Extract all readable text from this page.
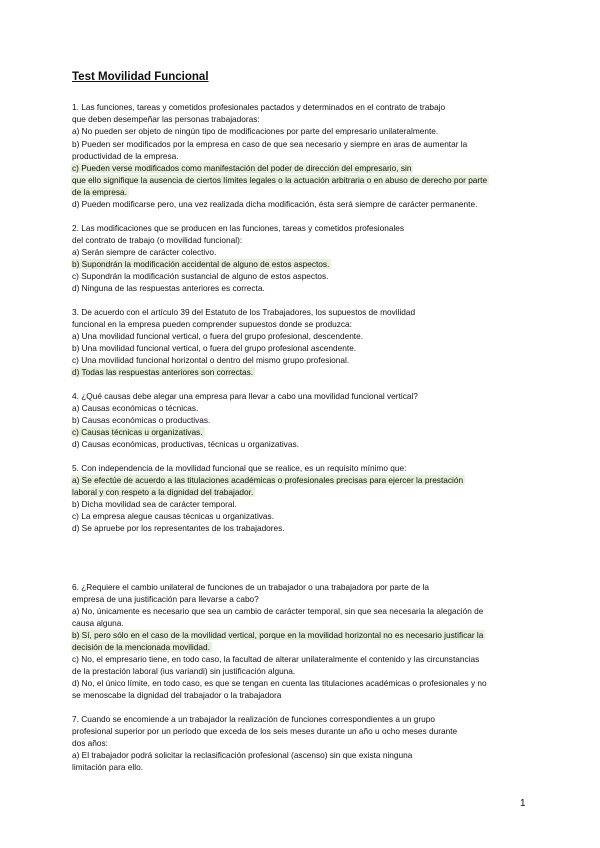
Test Movilidad Funcional
1. Las funciones, tareas y cometidos profesionales pactados y determinados en el contrato de trabajo
que deben desempeñar las personas trabajadoras:
a) No pueden ser objeto de ningún tipo de modificaciones por parte del empresario unilateralmente.
b) Pueden ser modificados por la empresa en caso de que sea necesario y siempre en aras de aumentar la
productividad de la empresa.
c) Pueden verse modificados como manifestación del poder de dirección del empresario, sin
que ello signifique la ausencia de ciertos límites legales o la actuación arbitraria o en abuso de derecho por parte
de la empresa.
d) Pueden modificarse pero, una vez realizada dicha modificación, ésta será siempre de carácter permanente.
2. Las modificaciones que se producen en las funciones, tareas y cometidos profesionales
del contrato de trabajo (o movilidad funcional):
a) Serán siempre de carácter colectivo.
b) Supondrán la modificación accidental de alguno de estos aspectos.
c) Supondrán la modificación sustancial de alguno de estos aspectos.
d) Ninguna de las respuestas anteriores es correcta.
3. De acuerdo con el artículo 39 del Estatuto de los Trabajadores, los supuestos de movilidad
funcional en la empresa pueden comprender supuestos donde se produzca:
a) Una movilidad funcional vertical, o fuera del grupo profesional, descendente.
b) Una movilidad funcional vertical, o fuera del grupo profesional ascendente.
c) Una movilidad funcional horizontal o dentro del mismo grupo profesional.
d) Todas las respuestas anteriores son correctas.
4. ¿Qué causas debe alegar una empresa para llevar a cabo una movilidad funcional vertical?
a) Causas económicas o técnicas.
b) Causas económicas o productivas.
c) Causas técnicas u organizativas.
d) Causas económicas, productivas, técnicas u organizativas.
5. Con independencia de la movilidad funcional que se realice, es un requisito mínimo que:
a) Se efectúe de acuerdo a las titulaciones académicas o profesionales precisas para ejercer la prestación
laboral y con respeto a la dignidad del trabajador.
b) Dicha movilidad sea de carácter temporal.
c) La empresa alegue causas técnicas u organizativas.
d) Se apruebe por los representantes de los trabajadores.
6. ¿Requiere el cambio unilateral de funciones de un trabajador o una trabajadora por parte de la
empresa de una justificación para llevarse a cabo?
a) No, únicamente es necesario que sea un cambio de carácter temporal, sin que sea necesaria la alegación de
causa alguna.
b) Sí, pero sólo en el caso de la movilidad vertical, porque en la movilidad horizontal no es necesario justificar la
decisión de la mencionada movilidad.
c) No, el empresario tiene, en todo caso, la facultad de alterar unilateralmente el contenido y las circunstancias
de la prestación laboral (ius variandi) sin justificación alguna.
d) No, el único límite, en todo caso, es que se tengan en cuenta las titulaciones académicas o profesionales y no
se menoscabe la dignidad del trabajador o la trabajadora
7. Cuando se encomiende a un trabajador la realización de funciones correspondientes a un grupo
profesional superior por un período que exceda de los seis meses durante un año u ocho meses durante
dos años:
a) El trabajador podrá solicitar la reclasificación profesional (ascenso) sin que exista ninguna
limitación para ello.
1
